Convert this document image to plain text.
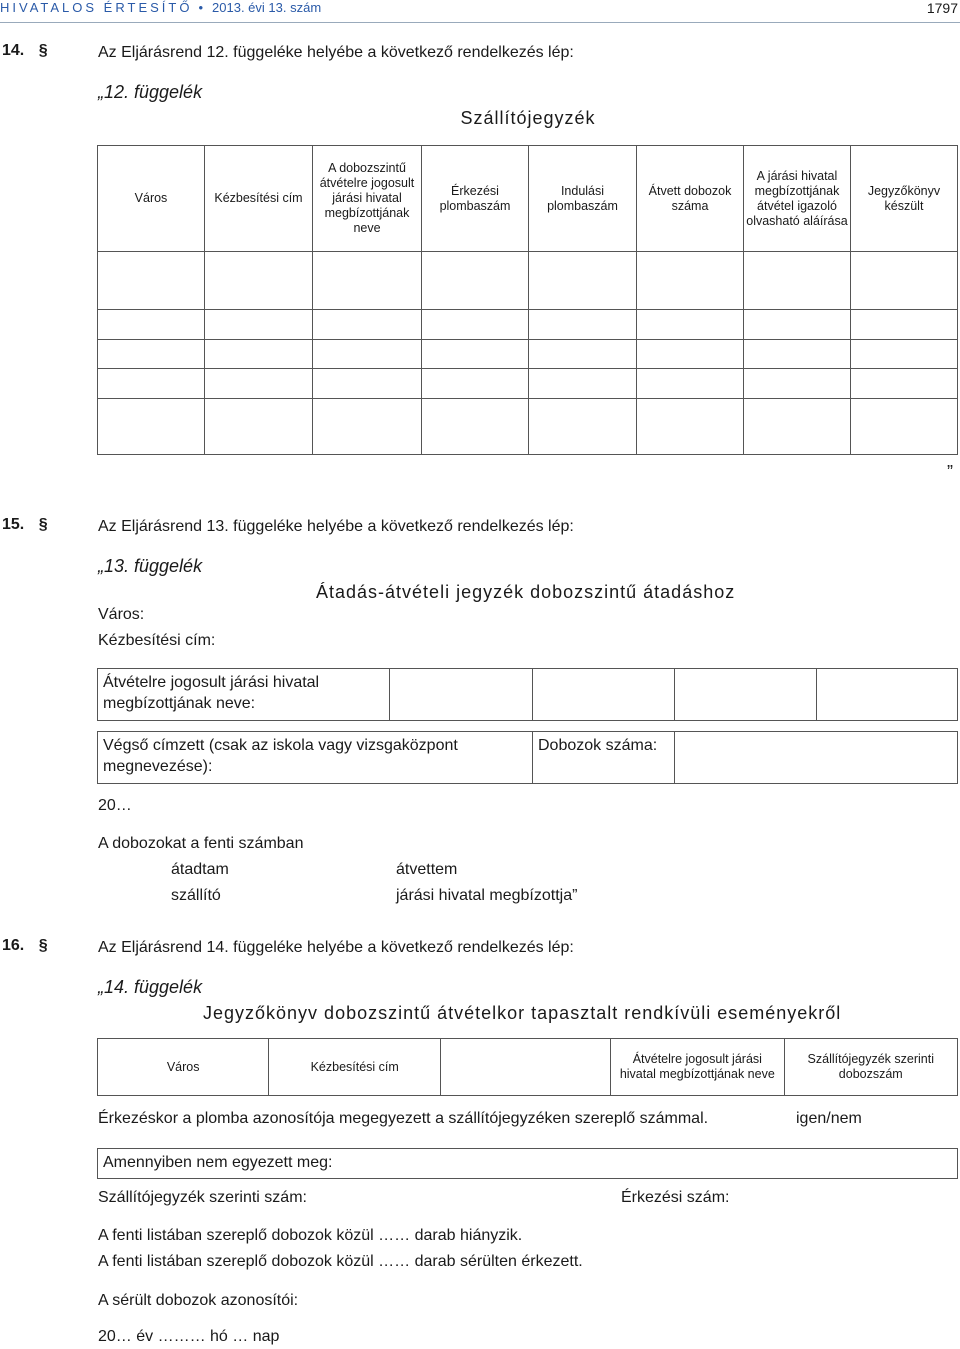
HIVATALOS ÉRTESÍTŐ • 2013. évi 13. szám	1797
14. §	Az Eljárásrend 12. függeléke helyébe a következő rendelkezés lép:
„12. függelék
Szállítójegyzék
Város	Kézbesítési cím	A dobozszintű átvételre jogosult járási hivatal megbízottjának neve	Érkezési plombaszám	Indulási plombaszám	Átvett dobozok száma	A járási hivatal megbízottjának átvétel igazoló olvasható aláírása	Jegyzőkönyv készült

”
15. §	Az Eljárásrend 13. függeléke helyébe a következő rendelkezés lép:
„13. függelék
Átadás-átvételi jegyzék dobozszintű átadáshoz
Város:
Kézbesítési cím:
Átvételre jogosult járási hivatal megbízottjának neve:
Végső címzett (csak az iskola vagy vizsgaközpont megnevezése):
Dobozok száma:
20…
A dobozokat a fenti számban
átadtam	átvettem
szállító	járási hivatal megbízottja”
16. §	Az Eljárásrend 14. függeléke helyébe a következő rendelkezés lép:
„14. függelék
Jegyzőkönyv dobozszintű átvételkor tapasztalt rendkívüli eseményekről
Város	Kézbesítési cím		Átvételre jogosult járási hivatal megbízottjának neve	Szállítójegyzék szerinti dobozszám
Érkezéskor a plomba azonosítója megegyezett a szállítójegyzéken szereplő számmal.	igen/nem
Amennyiben nem egyezett meg:
Szállítójegyzék szerinti szám:	Érkezési szám:
A fenti listában szereplő dobozok közül …… darab hiányzik.
A fenti listában szereplő dobozok közül …… darab sérülten érkezett.
A sérült dobozok azonosítói:
20… év ……… hó … nap
